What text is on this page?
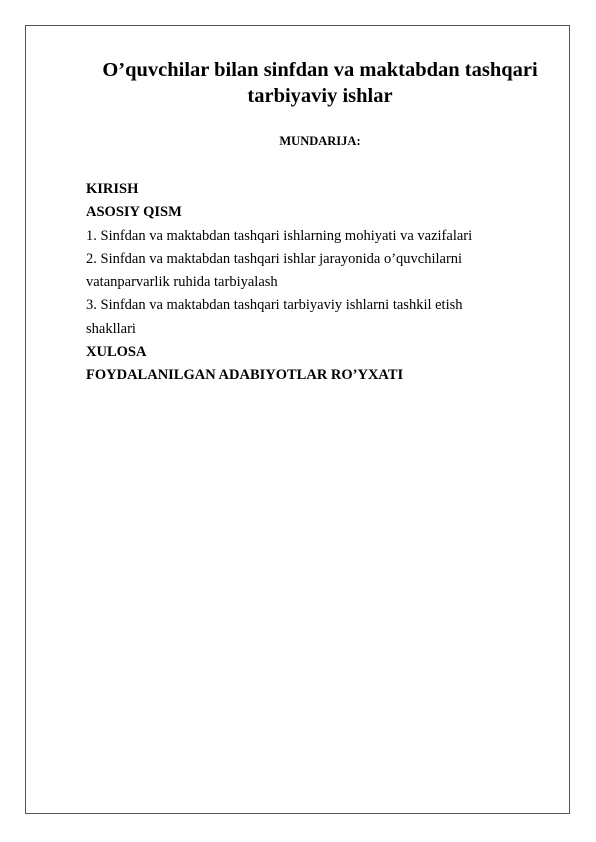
O’quvchilar bilan sinfdan va maktabdan tashqari
tarbiyaviy ishlar
MUNDARIJA:
KIRISH
ASOSIY QISM
1. Sinfdan va maktabdan tashqari ishlarning mohiyati va vazifalari
2. Sinfdan va maktabdan tashqari ishlar jarayonida o’quvchilarni
vatanparvarlik ruhida tarbiyalash
3. Sinfdan va maktabdan tashqari tarbiyaviy ishlarni tashkil etish
shakllari
XULOSA
FOYDALANILGAN ADABIYOTLAR RO’YXATI
